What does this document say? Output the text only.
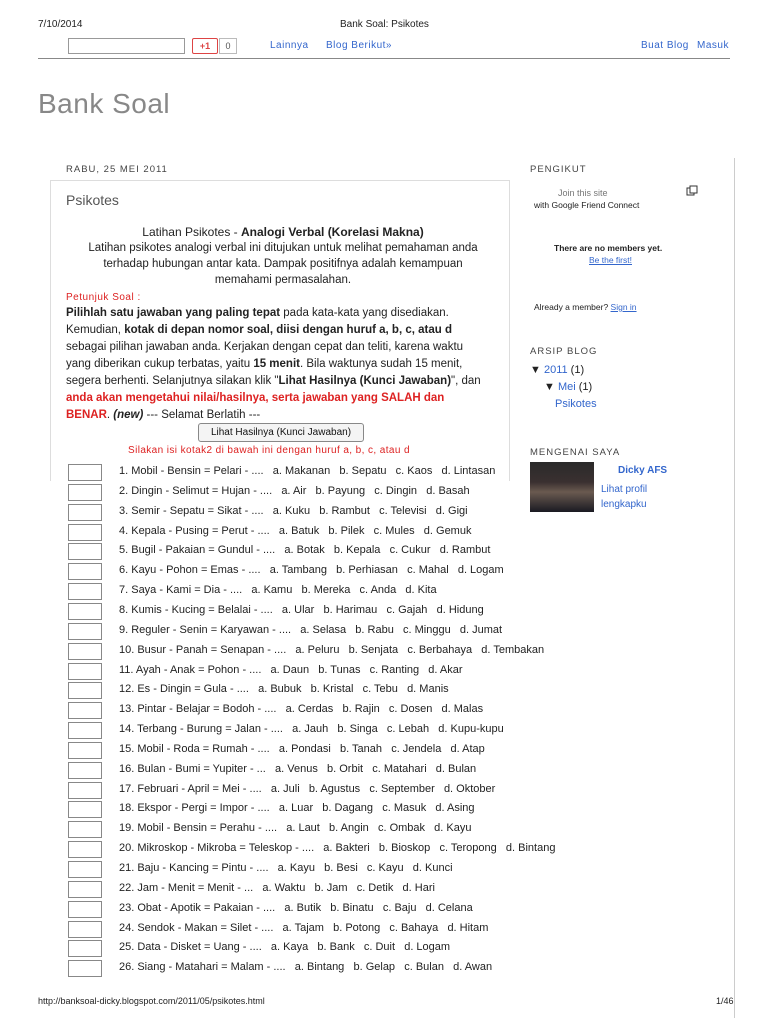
7/10/2014	Bank Soal: Psikotes
+1	0	Lainnya Blog Berikut»	Buat Blog Masuk
Bank Soal
RABU, 25 MEI 2011
Psikotes
Latihan Psikotes - Analogi Verbal (Korelasi Makna)
Latihan psikotes analogi verbal ini ditujukan untuk melihat pemahaman anda
terhadap hubungan antar kata. Dampak positifnya adalah kemampuan
memahami permasalahan.
Petunjuk Soal :
Pilihlah satu jawaban yang paling tepat pada kata-kata yang disediakan.
Kemudian, kotak di depan nomor soal, diisi dengan huruf a, b, c, atau d
sebagai pilihan jawaban anda. Kerjakan dengan cepat dan teliti, karena waktu
yang diberikan cukup terbatas, yaitu 15 menit. Bila waktunya sudah 15 menit,
segera berhenti. Selanjutnya silakan klik "Lihat Hasilnya (Kunci Jawaban)", dan
anda akan mengetahui nilai/hasilnya, serta jawaban yang SALAH dan
BENAR. (new) --- Selamat Berlatih ---
Lihat Hasilnya (Kunci Jawaban)
Silakan isi kotak2 di bawah ini dengan huruf a, b, c, atau d
1. Mobil - Bensin = Pelari - ....   a. Makanan   b. Sepatu   c. Kaos   d. Lintasan
2. Dingin - Selimut = Hujan - ....   a. Air   b. Payung   c. Dingin   d. Basah
3. Semir - Sepatu = Sikat - ....   a. Kuku   b. Rambut   c. Televisi   d. Gigi
4. Kepala - Pusing = Perut - ....   a. Batuk   b. Pilek   c. Mules   d. Gemuk
5. Bugil - Pakaian = Gundul - ....   a. Botak   b. Kepala   c. Cukur   d. Rambut
6. Kayu - Pohon = Emas - ....   a. Tambang   b. Perhiasan   c. Mahal   d. Logam
7. Saya - Kami = Dia - ....   a. Kamu   b. Mereka   c. Anda   d. Kita
8. Kumis - Kucing = Belalai - ....   a. Ular   b. Harimau   c. Gajah   d. Hidung
9. Reguler - Senin = Karyawan - ....   a. Selasa   b. Rabu   c. Minggu   d. Jumat
10. Busur - Panah = Senapan - ....   a. Peluru   b. Senjata   c. Berbahaya   d. Tembakan
11. Ayah - Anak = Pohon - ....   a. Daun   b. Tunas   c. Ranting   d. Akar
12. Es - Dingin = Gula - ....   a. Bubuk   b. Kristal   c. Tebu   d. Manis
13. Pintar - Belajar = Bodoh - ....   a. Cerdas   b. Rajin   c. Dosen   d. Malas
14. Terbang - Burung = Jalan - ....   a. Jauh   b. Singa   c. Lebah   d. Kupu-kupu
15. Mobil - Roda = Rumah - ....   a. Pondasi   b. Tanah   c. Jendela   d. Atap
16. Bulan - Bumi = Yupiter - ...   a. Venus   b. Orbit   c. Matahari   d. Bulan
17. Februari - April = Mei - ....   a. Juli   b. Agustus   c. September   d. Oktober
18. Ekspor - Pergi = Impor - ....   a. Luar   b. Dagang   c. Masuk   d. Asing
19. Mobil - Bensin = Perahu - ....   a. Laut   b. Angin   c. Ombak   d. Kayu
20. Mikroskop - Mikroba = Teleskop - ....   a. Bakteri   b. Bioskop   c. Teropong   d. Bintang
21. Baju - Kancing = Pintu - ....   a. Kayu   b. Besi   c. Kayu   d. Kunci
22. Jam - Menit = Menit - ...   a. Waktu   b. Jam   c. Detik   d. Hari
23. Obat - Apotik = Pakaian - ....   a. Butik   b. Binatu   c. Baju   d. Celana
24. Sendok - Makan = Silet - ....   a. Tajam   b. Potong   c. Bahaya   d. Hitam
25. Data - Disket = Uang - ....   a. Kaya   b. Bank   c. Duit   d. Logam
26. Siang - Matahari = Malam - ....   a. Bintang   b. Gelap   c. Bulan   d. Awan
PENGIKUT
Join this site
with Google Friend Connect
There are no members yet.
Be the first!
Already a member? Sign in
ARSIP BLOG
▼ 2011 (1)
▼ Mei (1)
Psikotes
MENGENAI SAYA
Dicky AFS
Lihat profil
lengkapku
http://banksoal-dicky.blogspot.com/2011/05/psikotes.html	1/46
